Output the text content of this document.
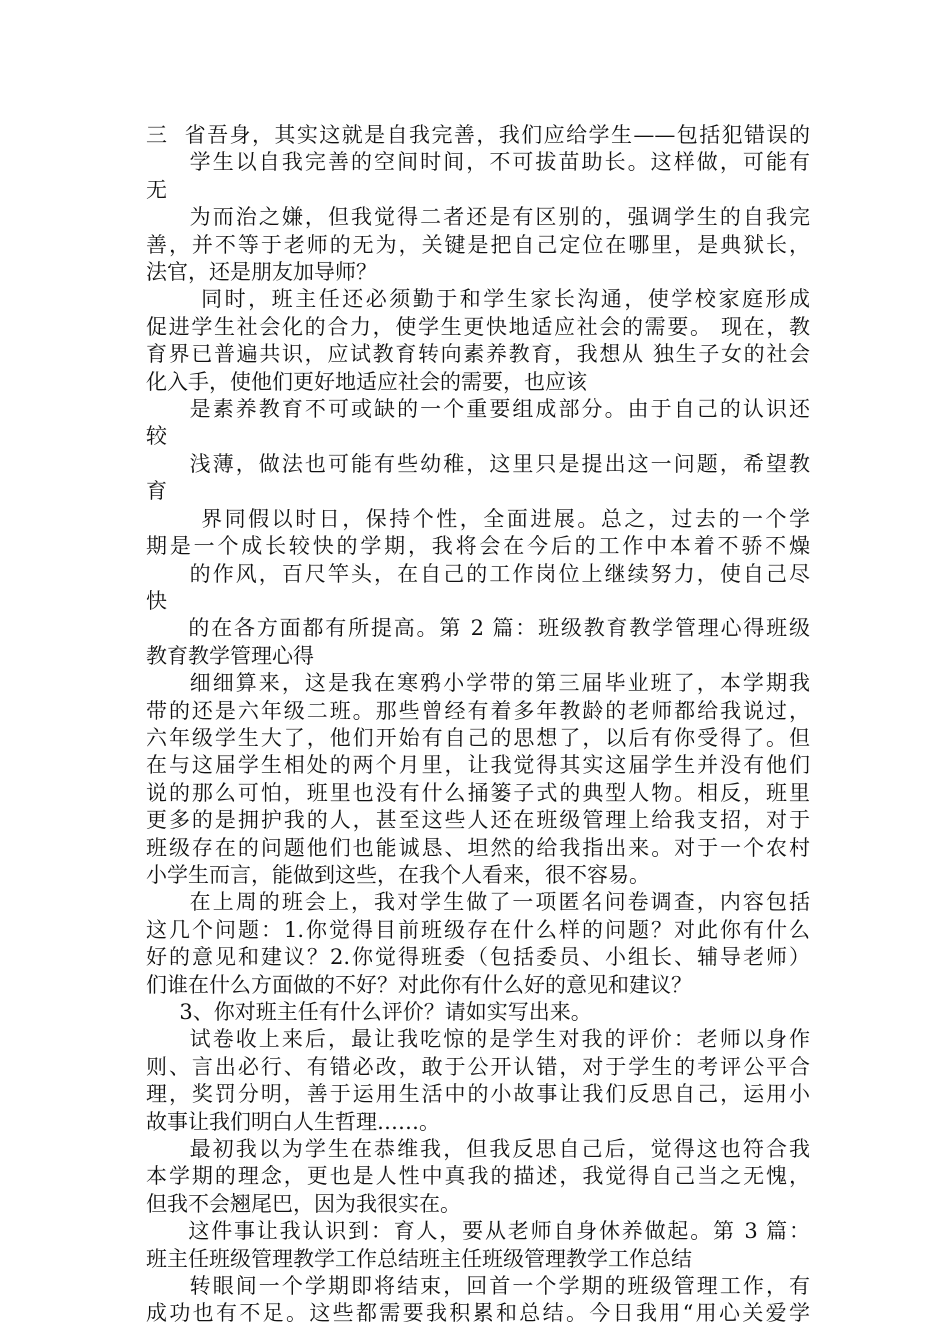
三  省吾身，其实这就是自我完善，我们应给学生——包括犯错误的
学生以自我完善的空间时间，不可拔苗助长。这样做，可能有
无
为而治之嫌，但我觉得二者还是有区别的，强调学生的自我完
善，并不等于老师的无为，关键是把自己定位在哪里，是典狱长，
法官，还是朋友加导师？
同时，班主任还必须勤于和学生家长沟通，使学校家庭形成
促进学生社会化的合力，使学生更快地适应社会的需要。 现在，教
育界已普遍共识，应试教育转向素养教育，我想从 独生子女的社会
化入手，使他们更好地适应社会的需要，也应该
是素养教育不可或缺的一个重要组成部分。由于自己的认识还
较
浅薄，做法也可能有些幼稚，这里只是提出这一问题，希望教
育
界同假以时日，保持个性，全面进展。总之，过去的一个学
期是一个成长较快的学期，我将会在今后的工作中本着不骄不燥
的作风，百尺竿头，在自己的工作岗位上继续努力，使自己尽
快
的在各方面都有所提高。第 2 篇：班级教育教学管理心得班级
教育教学管理心得
细细算来，这是我在寒鸦小学带的第三届毕业班了，本学期我
带的还是六年级二班。那些曾经有着多年教龄的老师都给我说过，
六年级学生大了，他们开始有自己的思想了，以后有你受得了。但
在与这届学生相处的两个月里，让我觉得其实这届学生并没有他们
说的那么可怕，班里也没有什么捅篓子式的典型人物。相反，班里
更多的是拥护我的人，甚至这些人还在班级管理上给我支招，对于
班级存在的问题他们也能诚恳、坦然的给我指出来。对于一个农村
小学生而言，能做到这些，在我个人看来，很不容易。
在上周的班会上，我对学生做了一项匿名问卷调查，内容包括
这几个问题：1.你觉得目前班级存在什么样的问题？对此你有什么
好的意见和建议？2.你觉得班委（包括委员、小组长、辅导老师）
们谁在什么方面做的不好？对此你有什么好的意见和建议？
3、你对班主任有什么评价？请如实写出来。
试卷收上来后，最让我吃惊的是学生对我的评价：老师以身作
则、言出必行、有错必改，敢于公开认错，对于学生的考评公平合
理，奖罚分明，善于运用生活中的小故事让我们反思自己，运用小
故事让我们明白人生哲理……。
最初我以为学生在恭维我，但我反思自己后，觉得这也符合我
本学期的理念，更也是人性中真我的描述，我觉得自己当之无愧，
但我不会翘尾巴，因为我很实在。
这件事让我认识到：育人，要从老师自身休养做起。第 3 篇：
班主任班级管理教学工作总结班主任班级管理教学工作总结
转眼间一个学期即将结束，回首一个学期的班级管理工作，有
成功也有不足。这些都需要我积累和总结。今日我用“用心关爱学
